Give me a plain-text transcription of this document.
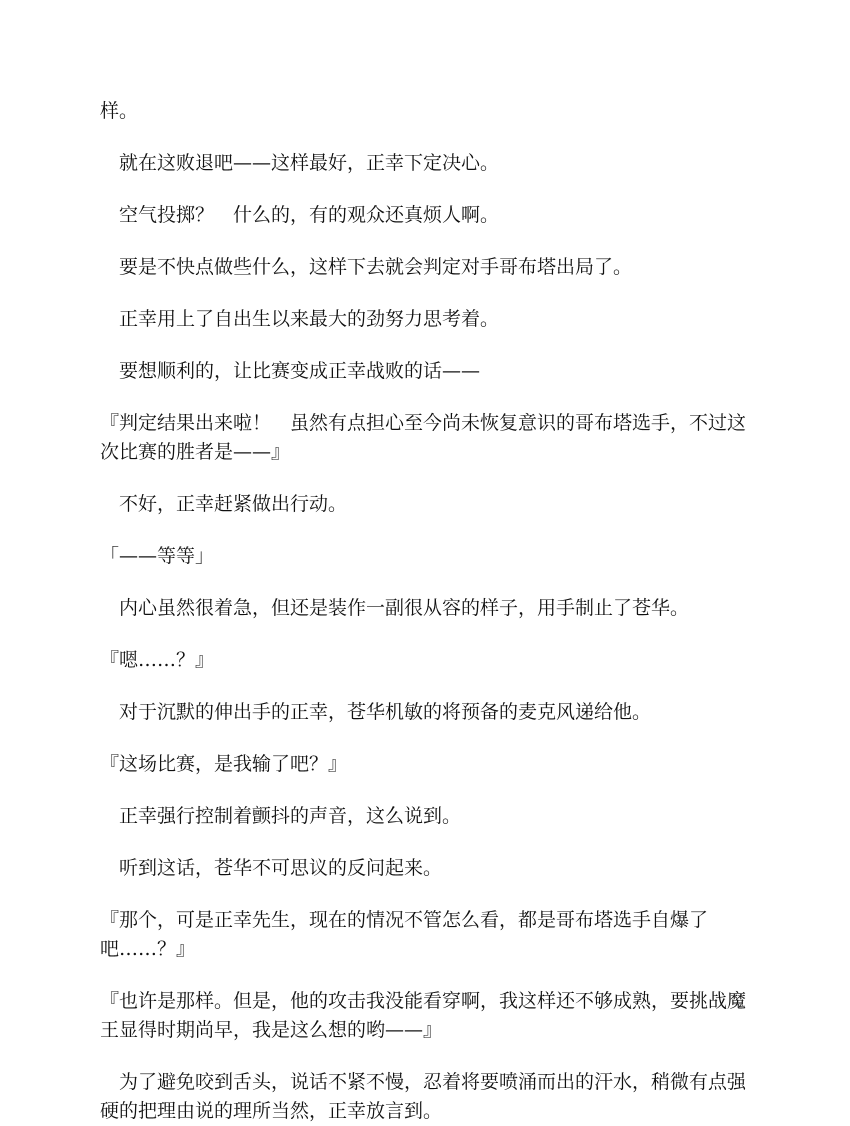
样。

　就在这败退吧——这样最好，正幸下定决心。

　空气投掷？　什么的，有的观众还真烦人啊。

　要是不快点做些什么，这样下去就会判定对手哥布塔出局了。

　正幸用上了自出生以来最大的劲努力思考着。

　要想顺利的，让比赛变成正幸战败的话——

『判定结果出来啦！　虽然有点担心至今尚未恢复意识的哥布塔选手，不过这次比赛的胜者是——』

　不好，正幸赶紧做出行动。

「——等等」

　内心虽然很着急，但还是装作一副很从容的样子，用手制止了苍华。

『嗯……？』

　对于沉默的伸出手的正幸，苍华机敏的将预备的麦克风递给他。

『这场比赛，是我输了吧？』

　正幸强行控制着颤抖的声音，这么说到。

　听到这话，苍华不可思议的反问起来。

『那个，可是正幸先生，现在的情况不管怎么看，都是哥布塔选手自爆了吧……？』

『也许是那样。但是，他的攻击我没能看穿啊，我这样还不够成熟，要挑战魔王显得时期尚早，我是这么想的哟——』

　为了避免咬到舌头，说话不紧不慢，忍着将要喷涌而出的汗水，稍微有点强硬的把理由说的理所当然，正幸放言到。
